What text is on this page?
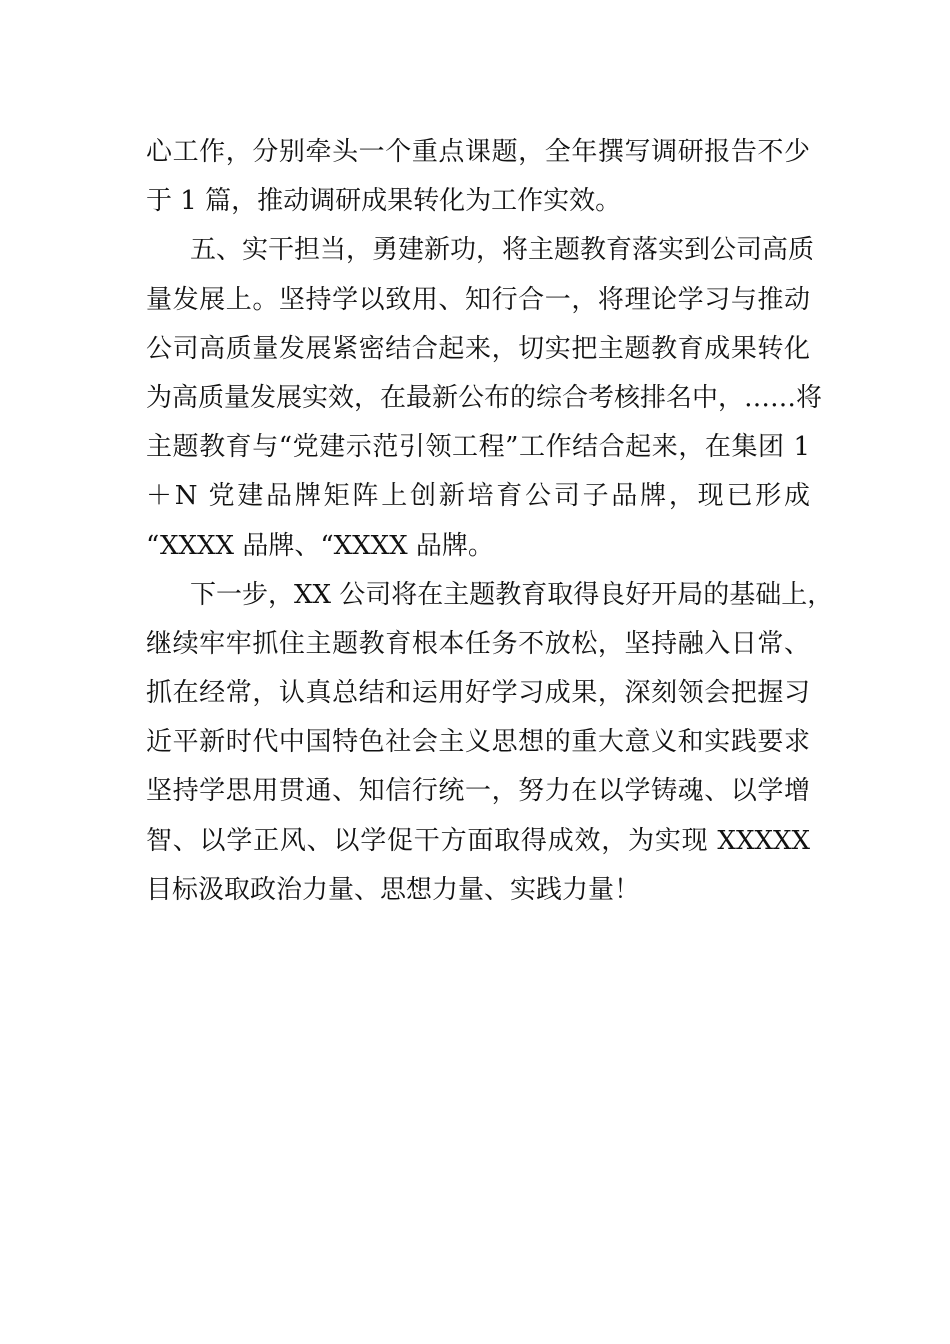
心工作，分别牵头一个重点课题，全年撰写调研报告不少
于 1 篇，推动调研成果转化为工作实效。
五、实干担当，勇建新功，将主题教育落实到公司高质
量发展上。坚持学以致用、知行合一，将理论学习与推动
公司高质量发展紧密结合起来，切实把主题教育成果转化
为高质量发展实效，在最新公布的综合考核排名中，……将
主题教育与“党建示范引领工程”工作结合起来，在集团 1
＋N 党建品牌矩阵上创新培育公司子品牌，现已形成
“XXXX 品牌、“XXXX 品牌。
下一步，XX 公司将在主题教育取得良好开局的基础上，
继续牢牢抓住主题教育根本任务不放松，坚持融入日常、
抓在经常，认真总结和运用好学习成果，深刻领会把握习
近平新时代中国特色社会主义思想的重大意义和实践要求
坚持学思用贯通、知信行统一，努力在以学铸魂、以学增
智、以学正风、以学促干方面取得成效，为实现 XXXXX
目标汲取政治力量、思想力量、实践力量！
